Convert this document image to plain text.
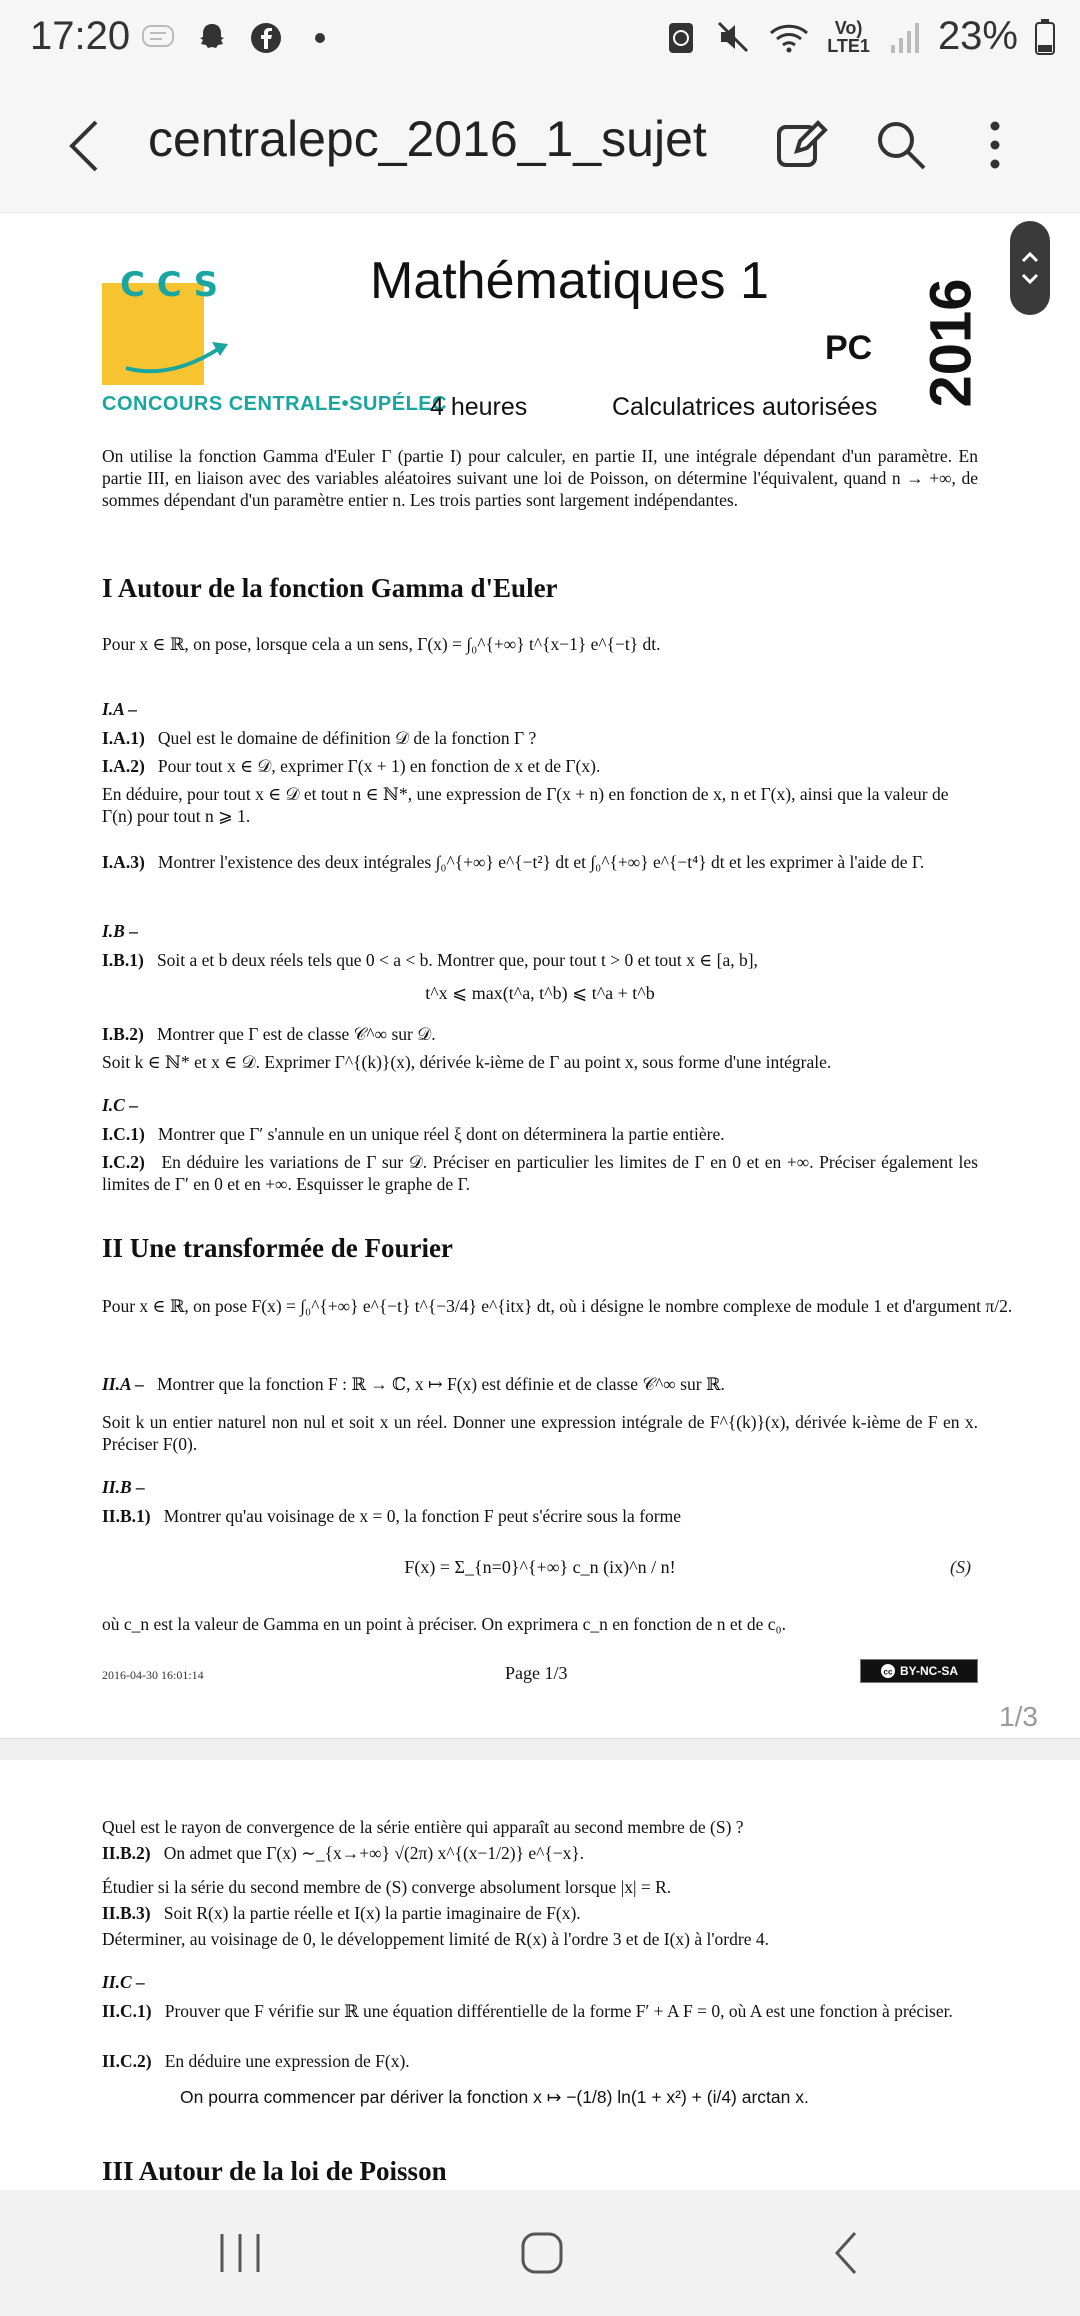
17:20	Vo)
LTE1 23%
centralepc_2016_1_sujet
C C S
CONCOURS CENTRALE•SUPÉLEC
Mathématiques 1
PC 2016
4 heures	Calculatrices autorisées
On utilise la fonction Gamma d'Euler Γ (partie I) pour calculer, en partie II, une intégrale dépendant d'un paramètre. En partie III, en liaison avec des variables aléatoires suivant une loi de Poisson, on détermine l'équivalent, quand n → +∞, de sommes dépendant d'un paramètre entier n. Les trois parties sont largement indépendantes.
I Autour de la fonction Gamma d'Euler
Pour x ∈ ℝ, on pose, lorsque cela a un sens, Γ(x) = ∫₀^{+∞} t^{x−1} e^{−t} dt.
I.A –
I.A.1) Quel est le domaine de définition 𝒟 de la fonction Γ ?
I.A.2) Pour tout x ∈ 𝒟, exprimer Γ(x + 1) en fonction de x et de Γ(x).
En déduire, pour tout x ∈ 𝒟 et tout n ∈ ℕ*, une expression de Γ(x + n) en fonction de x, n et Γ(x), ainsi que la valeur de Γ(n) pour tout n ⩾ 1.
I.A.3) Montrer l'existence des deux intégrales ∫₀^{+∞} e^{−t²} dt et ∫₀^{+∞} e^{−t⁴} dt et les exprimer à l'aide de Γ.
I.B –
I.B.1) Soit a et b deux réels tels que 0 < a < b. Montrer que, pour tout t > 0 et tout x ∈ [a, b],
t^x ⩽ max(t^a, t^b) ⩽ t^a + t^b
I.B.2) Montrer que Γ est de classe 𝒞^∞ sur 𝒟.
Soit k ∈ ℕ* et x ∈ 𝒟. Exprimer Γ^{(k)}(x), dérivée k-ième de Γ au point x, sous forme d'une intégrale.
I.C –
I.C.1) Montrer que Γ′ s'annule en un unique réel ξ dont on déterminera la partie entière.
I.C.2) En déduire les variations de Γ sur 𝒟. Préciser en particulier les limites de Γ en 0 et en +∞. Préciser également les limites de Γ′ en 0 et en +∞. Esquisser le graphe de Γ.
II Une transformée de Fourier
Pour x ∈ ℝ, on pose F(x) = ∫₀^{+∞} e^{−t} t^{−3/4} e^{itx} dt, où i désigne le nombre complexe de module 1 et d'argument π/2.
II.A – Montrer que la fonction F : ℝ → ℂ, x ↦ F(x) est définie et de classe 𝒞^∞ sur ℝ.
Soit k un entier naturel non nul et soit x un réel. Donner une expression intégrale de F^{(k)}(x), dérivée k-ième de F en x. Préciser F(0).
II.B –
II.B.1) Montrer qu'au voisinage de x = 0, la fonction F peut s'écrire sous la forme
F(x) = Σ_{n=0}^{+∞} c_n (ix)^n / n!	(S)
où c_n est la valeur de Gamma en un point à préciser. On exprimera c_n en fonction de n et de c₀.
2016-04-30 16:01:14	Page 1/3	cc BY-NC-SA
1/3
Quel est le rayon de convergence de la série entière qui apparaît au second membre de (S) ?
II.B.2) On admet que Γ(x) ∼_{x→+∞} √(2π) x^{(x−1/2)} e^{−x}.
Étudier si la série du second membre de (S) converge absolument lorsque |x| = R.
II.B.3) Soit R(x) la partie réelle et I(x) la partie imaginaire de F(x).
Déterminer, au voisinage de 0, le développement limité de R(x) à l'ordre 3 et de I(x) à l'ordre 4.
II.C –
II.C.1) Prouver que F vérifie sur ℝ une équation différentielle de la forme F′ + A F = 0, où A est une fonction à préciser.
II.C.2) En déduire une expression de F(x).
On pourra commencer par dériver la fonction x ↦ −(1/8) ln(1 + x²) + (i/4) arctan x.
III Autour de la loi de Poisson
